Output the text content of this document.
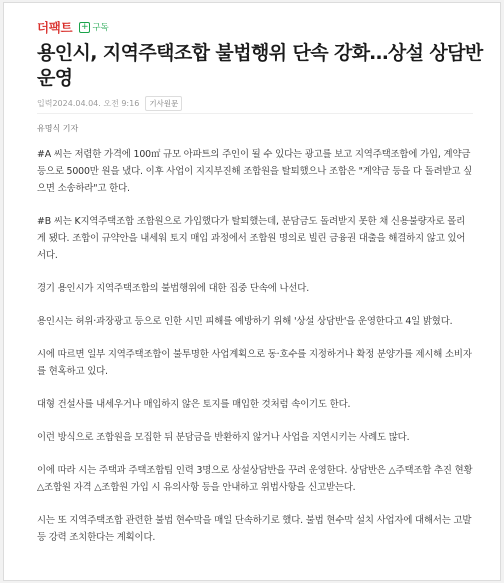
더팩트 + 구독
용인시, 지역주택조합 불법행위 단속 강화…상설 상담반 운영
입력2024.04.04. 오전 9:16	기사원문
유명식 기자

#A 씨는 저렴한 가격에 100㎡ 규모 아파트의 주인이 될 수 있다는 광고를 보고 지역주택조합에 가입, 계약금 등으로 5000만 원을 냈다. 이후 사업이 지지부진해 조합원을 탈퇴했으나 조합은 "계약금 등을 다 돌려받고 싶으면 소송하라"고 한다.

#B 씨는 K지역주택조합 조합원으로 가입했다가 탈퇴했는데, 분담금도 돌려받지 못한 채 신용불량자로 몰리게 됐다. 조합이 규약안을 내세워 토지 매입 과정에서 조합원 명의로 빌린 금융권 대출을 해결하지 않고 있어서다.

경기 용인시가 지역주택조합의 불법행위에 대한 집중 단속에 나선다.

용인시는 허위·과장광고 등으로 인한 시민 피해를 예방하기 위해 '상설 상담반'을 운영한다고 4일 밝혔다.

시에 따르면 일부 지역주택조합이 불투명한 사업계획으로 동·호수를 지정하거나 확정 분양가를 제시해 소비자를 현혹하고 있다.

대형 건설사를 내세우거나 매입하지 않은 토지를 매입한 것처럼 속이기도 한다.

이런 방식으로 조합원을 모집한 뒤 분담금을 반환하지 않거나 사업을 지연시키는 사례도 많다.

이에 따라 시는 주택과 주택조합팀 인력 3명으로 상설상담반을 꾸려 운영한다. 상담반은 △주택조합 추진 현황 △조합원 자격 △조합원 가입 시 유의사항 등을 안내하고 위법사항을 신고받는다.

시는 또 지역주택조합 관련한 불법 현수막을 매일 단속하기로 했다. 불법 현수막 설치 사업자에 대해서는 고발 등 강력 조치한다는 계획이다.
